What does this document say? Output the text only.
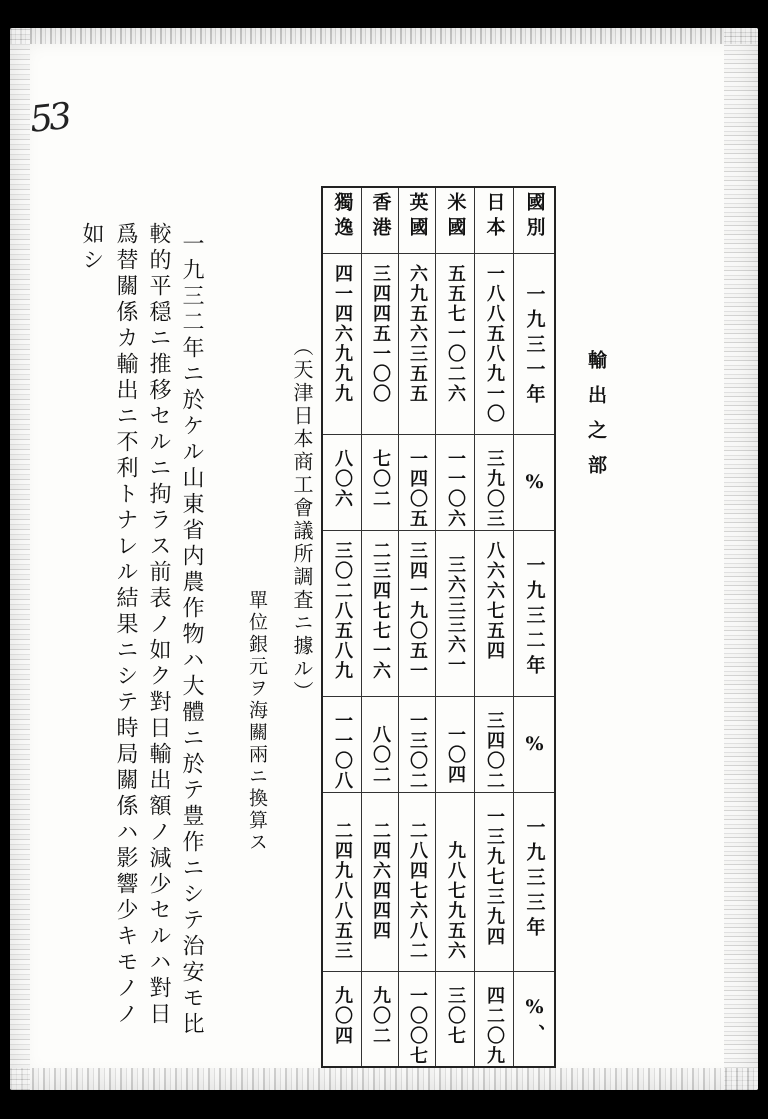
53
輸出之部
獨逸	香港	英國	米國	日本	國別

四一四六九九九	三四四五一〇〇	六九五六三五五	五五七一〇二六	一八八五八九一〇	一九三一年

八〇六	七〇二	一四〇五	一一〇六	三九〇三	%

三〇二八五八九	二三四七七一六	三四一九〇五一	三六三三六一	八六六七五四	一九三二年

一一〇八	八〇二	一三〇二	一〇四	三四〇二	%

二四九八八五三	二四六四四四	二八四七六八二	九八七九五六	一三九七三九四	一九三三年

九〇四	九〇二	一〇〇七	三〇七	四二〇九	%、
（天津日本商工會議所調査ニ據ル）
單位銀元ヲ海關兩ニ換算ス
一九三二年ニ於ケル山東省内農作物ハ大體ニ於テ豊作ニシテ治安モ比
較的平穏ニ推移セルニ拘ラス前表ノ如ク對日輸出額ノ減少セルハ對日
爲替關係カ輸出ニ不利トナレル結果ニシテ時局關係ハ影響少キモノノ
如シ
